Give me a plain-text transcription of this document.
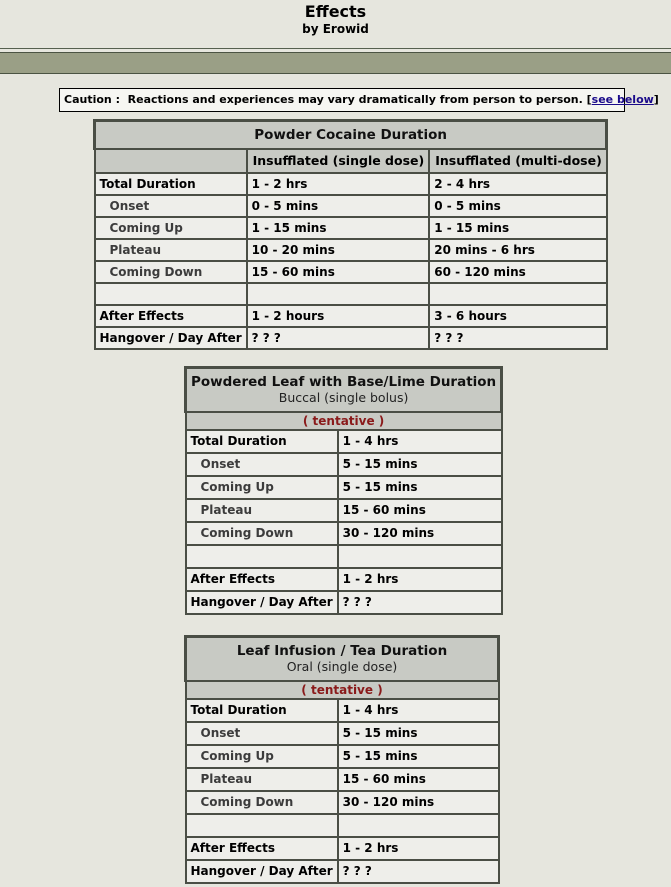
Effects
by Erowid
Caution : Reactions and experiences may vary dramatically from person to person. [see below]
Powder Cocaine Duration		
	Insufflated (single dose)	Insufflated (multi-dose)
Total Duration	1 - 2 hrs	2 - 4 hrs
Onset	0 - 5 mins	0 - 5 mins
Coming Up	1 - 15 mins	1 - 15 mins
Plateau	10 - 20 mins	20 mins - 6 hrs
Coming Down	15 - 60 mins	60 - 120 mins

After Effects	1 - 2 hours	3 - 6 hours
Hangover / Day After	? ? ?	? ? ?
Powdered Leaf with Base/Lime Duration
Buccal (single bolus)	

( tentative )	
Total Duration	1 - 4 hrs
Onset	5 - 15 mins
Coming Up	5 - 15 mins
Plateau	15 - 60 mins
Coming Down	30 - 120 mins

After Effects	1 - 2 hrs
Hangover / Day After	? ? ?
Leaf Infusion / Tea Duration
Oral (single dose)	

( tentative )	
Total Duration	1 - 4 hrs
Onset	5 - 15 mins
Coming Up	5 - 15 mins
Plateau	15 - 60 mins
Coming Down	30 - 120 mins

After Effects	1 - 2 hrs
Hangover / Day After	? ? ?
